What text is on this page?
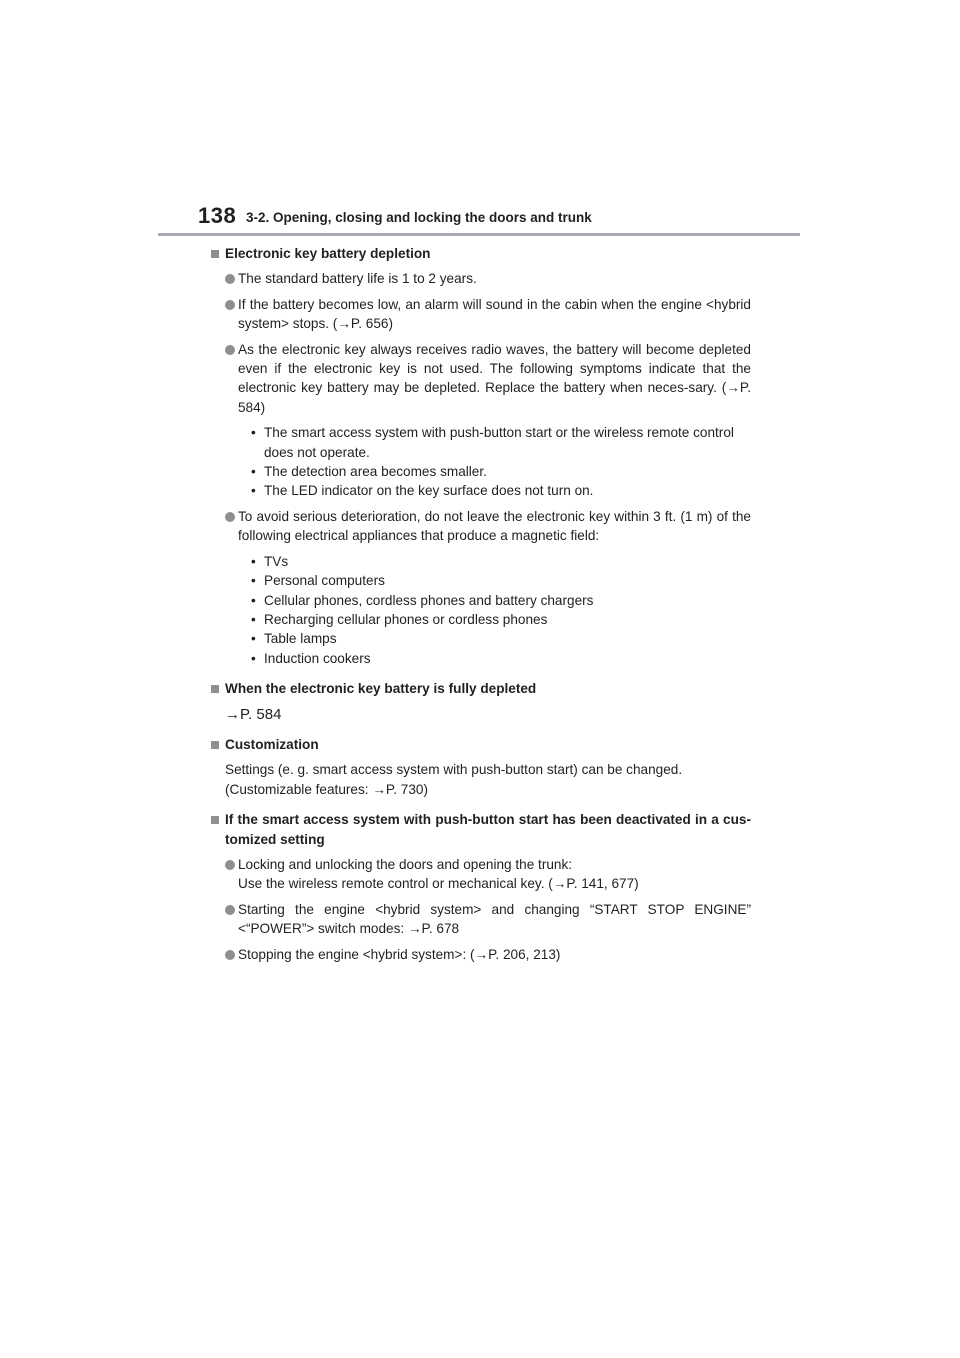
138 3-2. Opening, closing and locking the doors and trunk
Electronic key battery depletion
The standard battery life is 1 to 2 years.
If the battery becomes low, an alarm will sound in the cabin when the engine <hybrid system> stops. (→P. 656)
As the electronic key always receives radio waves, the battery will become depleted even if the electronic key is not used. The following symptoms indicate that the electronic key battery may be depleted. Replace the battery when neces-sary. (→P. 584)
• The smart access system with push-button start or the wireless remote control does not operate.
• The detection area becomes smaller.
• The LED indicator on the key surface does not turn on.
To avoid serious deterioration, do not leave the electronic key within 3 ft. (1 m) of the following electrical appliances that produce a magnetic field:
• TVs
• Personal computers
• Cellular phones, cordless phones and battery chargers
• Recharging cellular phones or cordless phones
• Table lamps
• Induction cookers
When the electronic key battery is fully depleted
→P. 584
Customization
Settings (e. g. smart access system with push-button start) can be changed.
(Customizable features: →P. 730)
If the smart access system with push-button start has been deactivated in a cus-tomized setting
Locking and unlocking the doors and opening the trunk:
Use the wireless remote control or mechanical key. (→P. 141, 677)
Starting the engine <hybrid system> and changing “START STOP ENGINE” <“POWER”> switch modes: →P. 678
Stopping the engine <hybrid system>: (→P. 206, 213)
